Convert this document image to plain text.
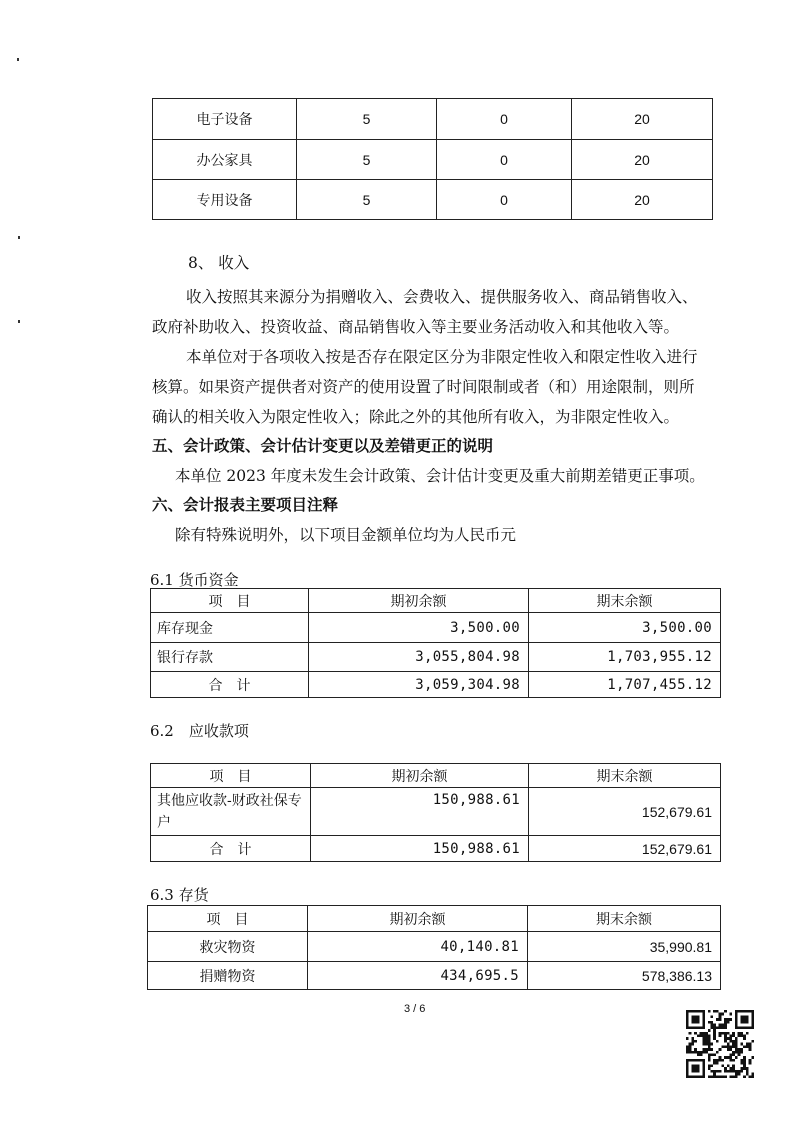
电子设备	5	0	20
办公家具	5	0	20
专用设备	5	0	20
8、 收入
收入按照其来源分为捐赠收入、会费收入、提供服务收入、商品销售收入、政府补助收入、投资收益、商品销售收入等主要业务活动收入和其他收入等。
本单位对于各项收入按是否存在限定区分为非限定性收入和限定性收入进行核算。如果资产提供者对资产的使用设置了时间限制或者（和）用途限制，则所确认的相关收入为限定性收入；除此之外的其他所有收入，为非限定性收入。
五、会计政策、会计估计变更以及差错更正的说明
本单位 2023 年度未发生会计政策、会计估计变更及重大前期差错更正事项。
六、会计报表主要项目注释
除有特殊说明外，以下项目金额单位均为人民币元
6.1 货币资金
项　目	期初余额	期末余额
库存现金	3,500.00	3,500.00
银行存款	3,055,804.98	1,703,955.12
合　计	3,059,304.98	1,707,455.12
6.2　应收款项
项　目	期初余额	期末余额
其他应收款-财政社保专户	150,988.61	152,679.61
合　计	150,988.61	152,679.61
6.3 存货
项　目	期初余额	期末余额
救灾物资	40,140.81	35,990.81
捐赠物资	434,695.5	578,386.13
3 / 6
